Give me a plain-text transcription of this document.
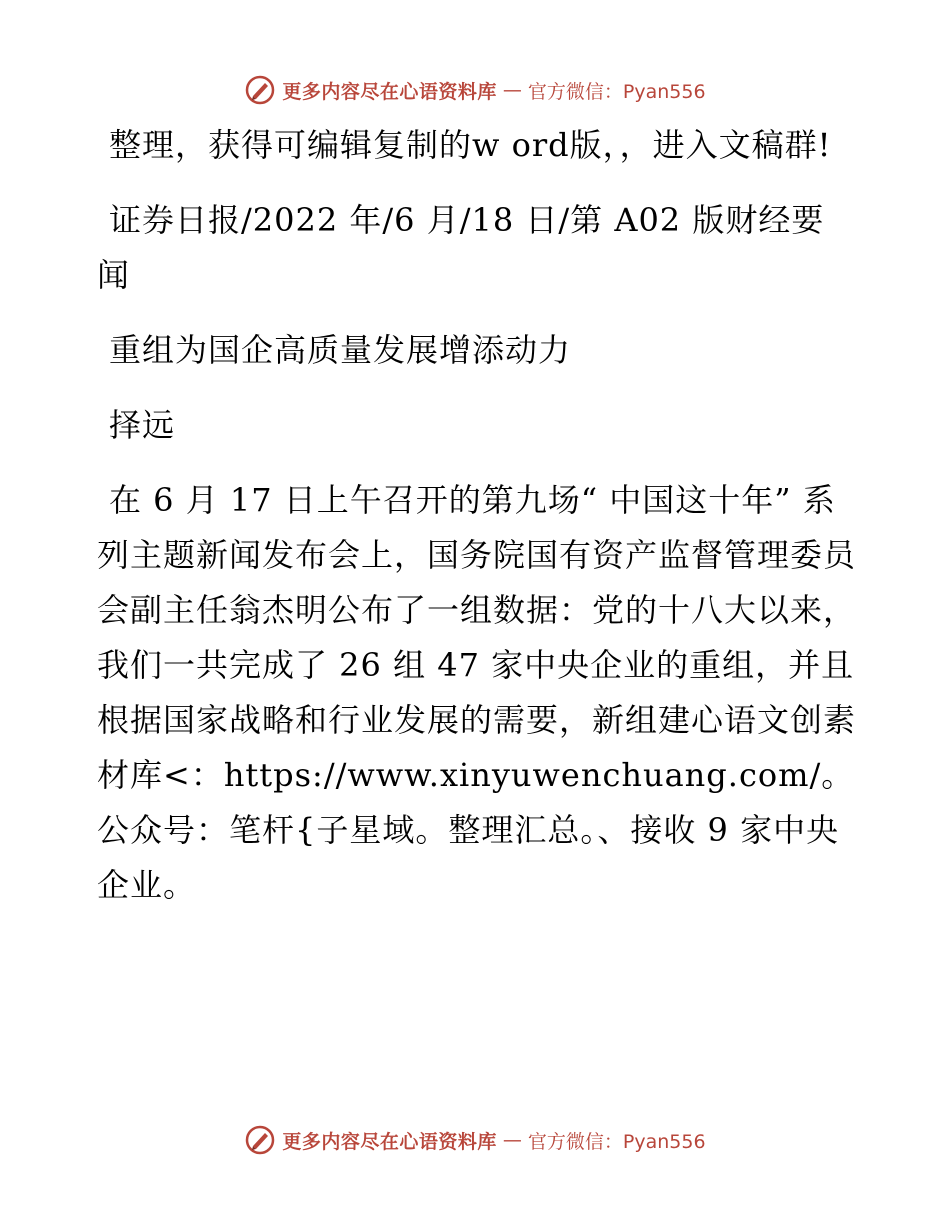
更多内容尽在心语资料库 — 官方微信：Pyan556

整理，获得可编辑复制的w ord版，，进入文稿群!

证券日报/2022 年/6 月/18 日/第 A02 版财经要闻

重组为国企高质量发展增添动力

择远

在 6 月 17 日上午召开的第九场“ 中国这十年” 系列主题新闻发布会上，国务院国有资产监督管理委员会副主任翁杰明公布了一组数据：党的十八大以来，我们一共完成了 26 组 47 家中央企业的重组，并且根据国家战略和行业发展的需要，新组建心语文创素材库<：https://www.xinyuwenchuang.com/。公众号：笔杆{子星域。整理汇总。、接收 9 家中央企业。

更多内容尽在心语资料库 — 官方微信：Pyan556
